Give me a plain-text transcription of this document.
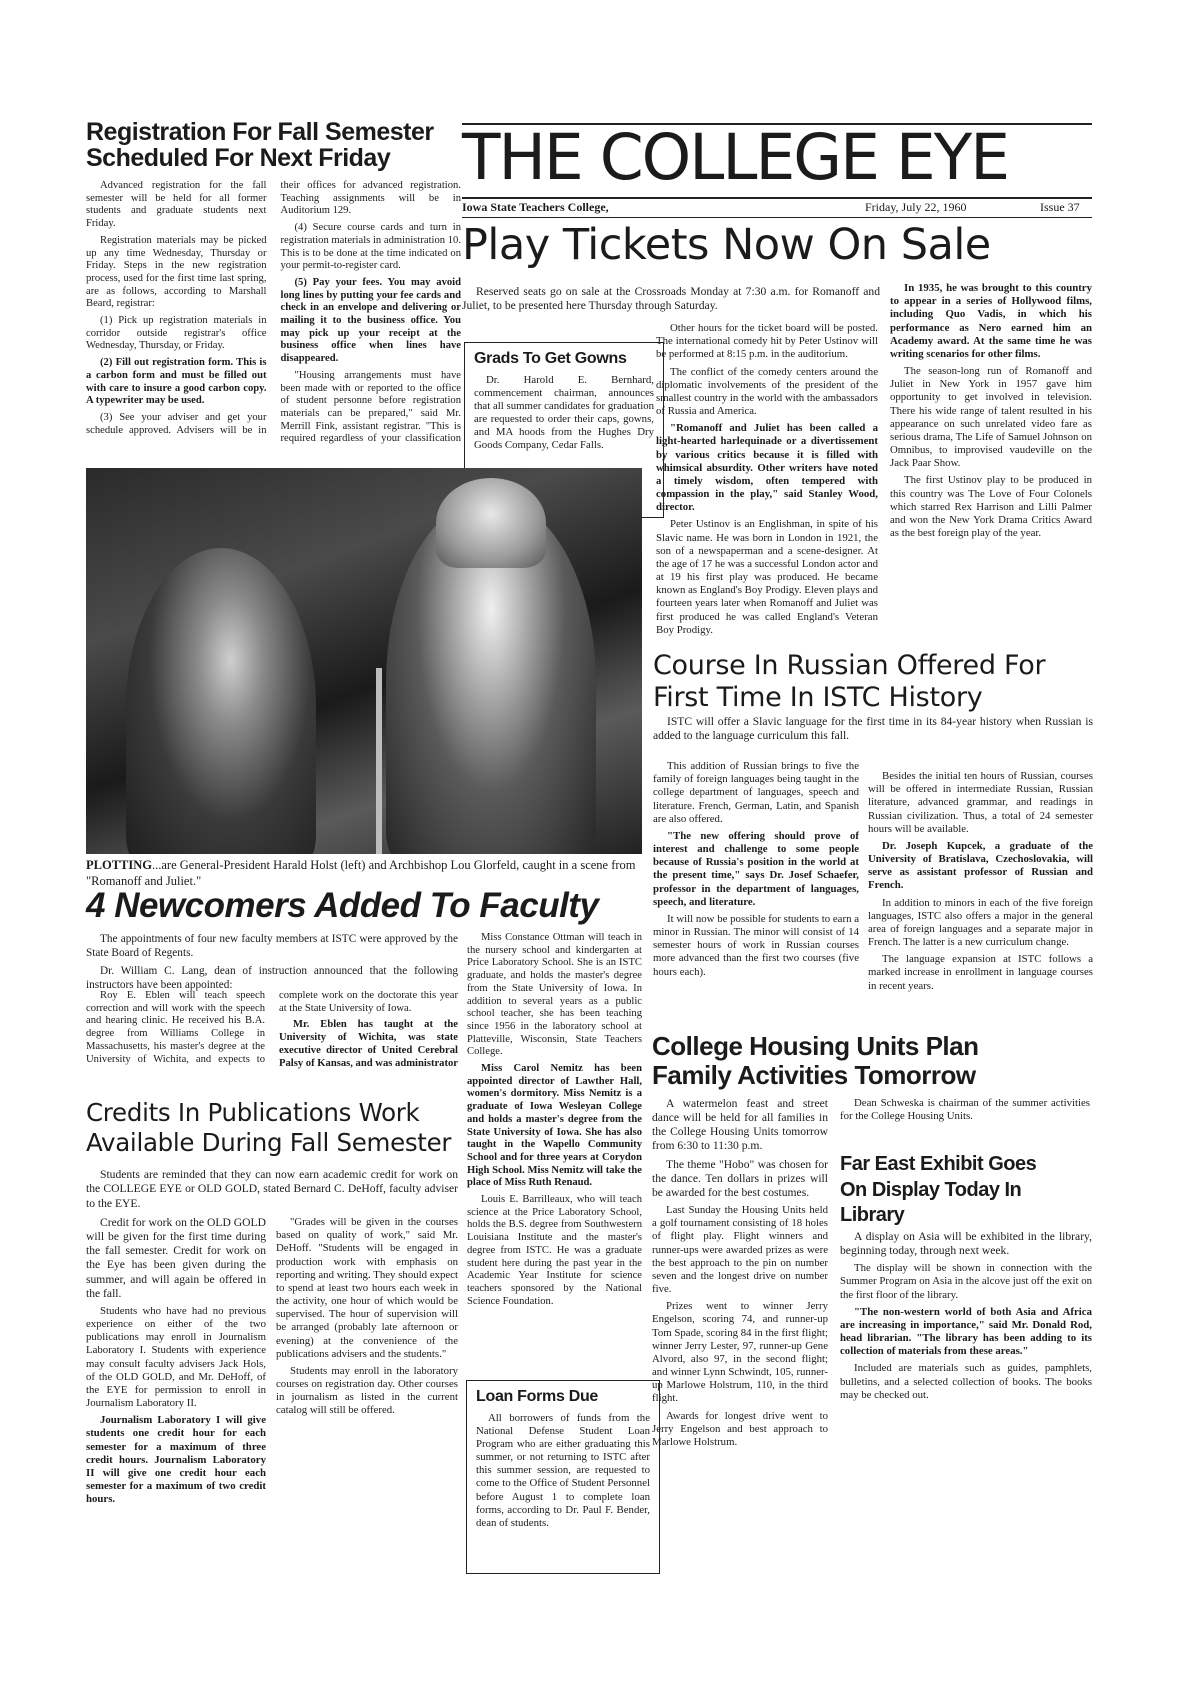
Registration For Fall Semester Scheduled For Next Friday

Advanced registration for the fall semester will be held for all former students and graduate students next Friday.

Registration materials may be picked up any time Wednesday, Thursday or Friday. Steps in the new registration process, used for the first time last spring, are as follows, according to Marshall Beard, registrar:

(1) Pick up registration materials in corridor outside registrar's office Wednesday, Thursday, or Friday.

(2) Fill out registration form. This is a carbon form and must be filled out with care to insure a good carbon copy. A typewriter may be used.

(3) See your adviser and get your schedule approved. Advisers will be in their offices for advanced registration. Teaching assignments will be in Auditorium 129.

(4) Secure course cards and turn in registration materials in administration 10. This is to be done at the time indicated on your permit-to-register card.

(5) Pay your fees. You may avoid long lines by putting your fee cards and check in an envelope and delivering or mailing it to the business office. You may pick up your receipt at the business office when lines have disappeared.

"Housing arrangements must have been made with or reported to the office of student personne before registration materials can be prepared," said Mr. Merrill Fink, assistant registrar. "This is required regardless of your classification

THE COLLEGE EYE
Iowa State Teachers College,	Friday, July 22, 1960	Issue 37
Play Tickets Now On Sale

Reserved seats go on sale at the Crossroads Monday at 7:30 a.m. for Romanoff and Juliet, to be presented here Thursday through Saturday.

Grads To Get Gowns
Dr. Harold E. Bernhard, commencement chairman, announces that all summer candidates for graduation are requested to order their caps, gowns, and MA hoods from the Hughes Dry Goods Company, Cedar Falls.

Other hours for the ticket board will be posted. The international comedy hit by Peter Ustinov will be performed at 8:15 p.m. in the auditorium.

The conflict of the comedy centers around the diplomatic involvements of the president of the smallest country in the world with the ambassadors of Russia and America.

"Romanoff and Juliet has been called a light-hearted harlequinade or a divertissement by various critics because it is filled with whimsical absurdity. Other writers have noted a timely wisdom, often tempered with compassion in the play," said Stanley Wood, director.

Peter Ustinov is an Englishman, in spite of his Slavic name. He was born in London in 1921, the son of a newspaperman and a scene-designer. At the age of 17 he was a successful London actor and at 19 his first play was produced. He became known as England's Boy Prodigy. Eleven plays and fourteen years later when Romanoff and Juliet was first produced he was called England's Veteran Boy Prodigy.

In 1935, he was brought to this country to appear in a series of Hollywood films, including Quo Vadis, in which his performance as Nero earned him an Academy award. At the same time he was writing scenarios for other films.

The season-long run of Romanoff and Juliet in New York in 1957 gave him opportunity to get involved in television. There his wide range of talent resulted in his appearance on such unrelated video fare as serious drama, The Life of Samuel Johnson on Omnibus, to improvised vaudeville on the Jack Paar Show.

The first Ustinov play to be produced in this country was The Love of Four Colonels which starred Rex Harrison and Lilli Palmer and won the New York Drama Critics Award as the best foreign play of the year.

PLOTTING...are General-President Harald Holst (left) and Archbishop Lou Glorfeld, caught in a scene from "Romanoff and Juliet."
Course In Russian Offered For First Time In ISTC History

ISTC will offer a Slavic language for the first time in its 84-year history when Russian is added to the language curriculum this fall.

This addition of Russian brings to five the family of foreign languages being taught in the college department of languages, speech and literature. French, German, Latin, and Spanish are also offered.

"The new offering should prove of interest and challenge to some people because of Russia's position in the world at the present time," says Dr. Josef Schaefer, professor in the department of languages, speech, and literature.

It will now be possible for students to earn a minor in Russian. The minor will consist of 14 semester hours of work in Russian courses more advanced than the first two courses (five hours each).

Besides the initial ten hours of Russian, courses will be offered in intermediate Russian, Russian literature, advanced grammar, and readings in Russian civilization. Thus, a total of 24 semester hours will be available.

Dr. Joseph Kupcek, a graduate of the University of Bratislava, Czechoslovakia, will serve as assistant professor of Russian and French.

In addition to minors in each of the five foreign languages, ISTC also offers a major in the general area of foreign languages and a separate major in French. The latter is a new curriculum change.

The language expansion at ISTC follows a marked increase in enrollment in language courses in recent years.

4 Newcomers Added To Faculty

The appointments of four new faculty members at ISTC were approved by the State Board of Regents.

Dr. William C. Lang, dean of instruction announced that the following instructors have been appointed:

Roy E. Eblen will teach speech correction and will work with the speech and hearing clinic. He received his B.A. degree from Williams College in Massachusetts, his master's degree at the University of Wichita, and expects to complete work on the doctorate this year at the State University of Iowa.

Mr. Eblen has taught at the University of Wichita, was state executive director of United Cerebral Palsy of Kansas, and was administrator

Miss Constance Ottman will teach in the nursery school and kindergarten at Price Laboratory School. She is an ISTC graduate, and holds the master's degree from the State University of Iowa. In addition to several years as a public school teacher, she has been teaching since 1956 in the laboratory school at Platteville, Wisconsin, State Teachers College.

Miss Carol Nemitz has been appointed director of Lawther Hall, women's dormitory. Miss Nemitz is a graduate of Iowa Wesleyan College and holds a master's degree from the State University of Iowa. She has also taught in the Wapello Community School and for three years at Corydon High School. Miss Nemitz will take the place of Miss Ruth Renaud.

Louis E. Barrilleaux, who will teach science at the Price Laboratory School, holds the B.S. degree from Southwestern Louisiana Institute and the master's degree from ISTC. He was a graduate student here during the past year in the Academic Year Institute for science teachers sponsored by the National Science Foundation.

Credits In Publications Work Available During Fall Semester

Students are reminded that they can now earn academic credit for work on the COLLEGE EYE or OLD GOLD, stated Bernard C. DeHoff, faculty adviser to the EYE.

Credit for work on the OLD GOLD will be given for the first time during the fall semester. Credit for work on the Eye has been given during the summer, and will again be offered in the fall.

Students who have had no previous experience on either of the two publications may enroll in Journalism Laboratory I. Students with experience may consult faculty advisers Jack Hols, of the OLD GOLD, and Mr. DeHoff, of the EYE for permission to enroll in Journalism Laboratory II.

Journalism Laboratory I will give students one credit hour for each semester for a maximum of three credit hours. Journalism Laboratory II will give one credit hour each semester for a maximum of two credit hours.

"Grades will be given in the courses based on quality of work," said Mr. DeHoff. "Students will be engaged in production work with emphasis on reporting and writing. They should expect to spend at least two hours each week in the activity, one hour of which would be supervised. The hour of supervision will be arranged (probably late afternoon or evening) at the convenience of the publications advisers and the students."

Students may enroll in the laboratory courses on registration day. Other courses in journalism as listed in the current catalog will still be offered.

Loan Forms Due
All borrowers of funds from the National Defense Student Loan Program who are either graduating this summer, or not returning to ISTC after this summer session, are requested to come to the Office of Student Personnel before August 1 to complete loan forms, according to Dr. Paul F. Bender, dean of students.
College Housing Units Plan Family Activities Tomorrow

A watermelon feast and street dance will be held for all families in the College Housing Units tomorrow from 6:30 to 11:30 p.m.

The theme "Hobo" was chosen for the dance. Ten dollars in prizes will be awarded for the best costumes.

Last Sunday the Housing Units held a golf tournament consisting of 18 holes of flight play. Flight winners and runner-ups were awarded prizes as were the best approach to the pin on number seven and the longest drive on number five.

Prizes went to winner Jerry Engelson, scoring 74, and runner-up Tom Spade, scoring 84 in the first flight; winner Jerry Lester, 97, runner-up Gene Alvord, also 97, in the second flight; and winner Lynn Schwindt, 105, runner-up Marlowe Holstrum, 110, in the third flight.

Awards for longest drive went to Jerry Engelson and best approach to Marlowe Holstrum.

Dean Schweska is chairman of the summer activities for the College Housing Units.

Far East Exhibit Goes On Display Today In Library

A display on Asia will be exhibited in the library, beginning today, through next week.

The display will be shown in connection with the Summer Program on Asia in the alcove just off the exit on the first floor of the library.

"The non-western world of both Asia and Africa are increasing in importance," said Mr. Donald Rod, head librarian. "The library has been adding to its collection of materials from these areas."

Included are materials such as guides, pamphlets, bulletins, and a selected collection of books. The books may be checked out.
